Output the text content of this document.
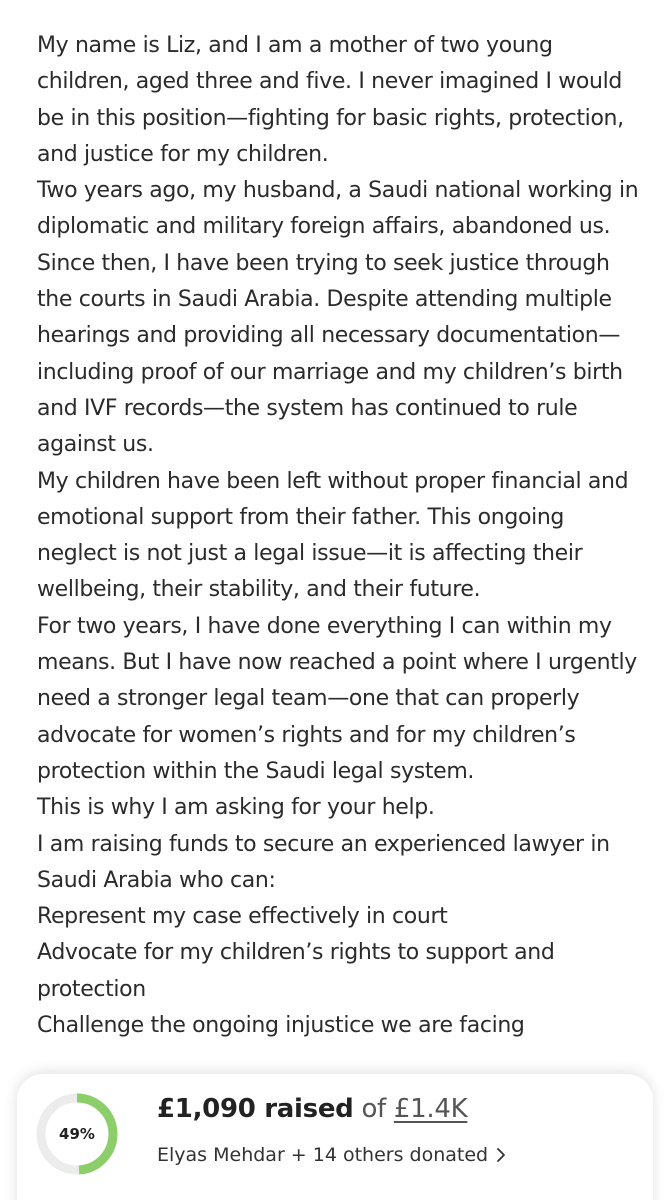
My name is Liz, and I am a mother of two young children, aged three and five. I never imagined I would be in this position—fighting for basic rights, protection, and justice for my children.

Two years ago, my husband, a Saudi national working in diplomatic and military foreign affairs, abandoned us. Since then, I have been trying to seek justice through the courts in Saudi Arabia. Despite attending multiple hearings and providing all necessary documentation—including proof of our marriage and my children’s birth and IVF records—the system has continued to rule against us.

My children have been left without proper financial and emotional support from their father. This ongoing neglect is not just a legal issue—it is affecting their wellbeing, their stability, and their future.

For two years, I have done everything I can within my means. But I have now reached a point where I urgently need a stronger legal team—one that can properly advocate for women’s rights and for my children’s protection within the Saudi legal system.

This is why I am asking for your help.

I am raising funds to secure an experienced lawyer in Saudi Arabia who can:

Represent my case effectively in court

Advocate for my children’s rights to support and protection

Challenge the ongoing injustice we are facing

49%
£1,090 raised of £1.4K
Elyas Mehdar + 14 others donated
